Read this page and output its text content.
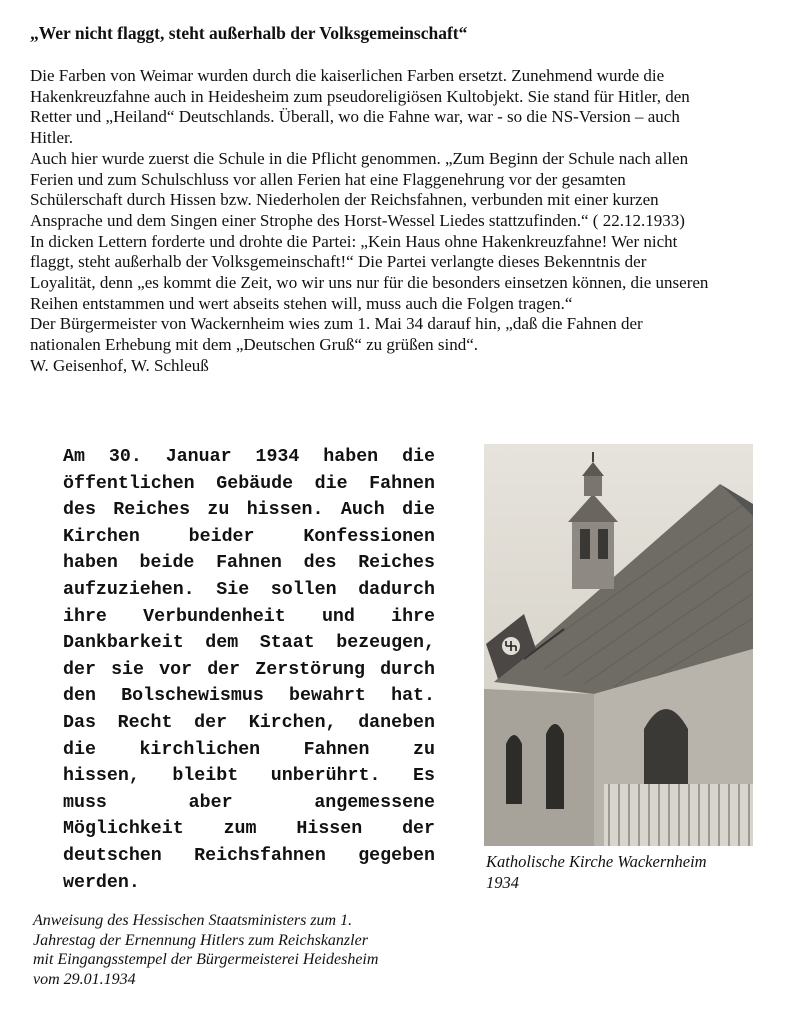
„Wer nicht flaggt, steht außerhalb der Volksgemeinschaft“
Die Farben von Weimar wurden durch die kaiserlichen Farben ersetzt. Zunehmend wurde die
Hakenkreuzfahne auch in Heidesheim zum pseudoreligiösen Kultobjekt. Sie stand für Hitler, den
Retter und „Heiland“ Deutschlands. Überall, wo die Fahne war, war - so die NS-Version – auch
Hitler.
Auch hier wurde zuerst die Schule in die Pflicht genommen. „Zum Beginn der Schule nach allen
Ferien und zum Schulschluss vor allen Ferien hat eine Flaggenehrung vor der gesamten
Schülerschaft durch Hissen bzw. Niederholen der Reichsfahnen, verbunden mit einer kurzen
Ansprache und dem Singen einer Strophe des Horst-Wessel Liedes stattzufinden.“ ( 22.12.1933)
In dicken Lettern forderte und drohte die Partei: „Kein Haus ohne Hakenkreuzfahne! Wer nicht
flaggt, steht außerhalb der Volksgemeinschaft!“ Die Partei verlangte dieses Bekenntnis der
Loyalität, denn „es kommt die Zeit, wo wir uns nur für die besonders einsetzen können, die unseren
Reihen entstammen und wert abseits stehen will, muss auch die Folgen tragen.“
Der Bürgermeister von Wackernheim wies zum 1. Mai 34 darauf hin, „daß die Fahnen der
nationalen Erhebung mit dem „Deutschen Gruß“ zu grüßen sind“.
W. Geisenhof, W. Schleuß
Am 30. Januar 1934 haben die
öffentlichen Gebäude die Fahnen
des Reiches zu hissen. Auch die
Kirchen beider Konfessionen
haben beide Fahnen des Reiches
aufzuziehen. Sie sollen dadurch
ihre Verbundenheit und ihre
Dankbarkeit dem Staat bezeugen,
der sie vor der Zerstörung durch
den Bolschewismus bewahrt hat.
Das Recht der Kirchen, daneben
die kirchlichen Fahnen zu
hissen, bleibt unberührt. Es
muss aber angemessene
Möglichkeit zum Hissen der
deutschen Reichsfahnen gegeben
werden.
Anweisung des Hessischen Staatsministers zum 1.
Jahrestag der Ernennung Hitlers zum Reichskanzler
mit Eingangsstempel der Bürgermeisterei Heidesheim
vom 29.01.1934
Katholische Kirche Wackernheim
1934
